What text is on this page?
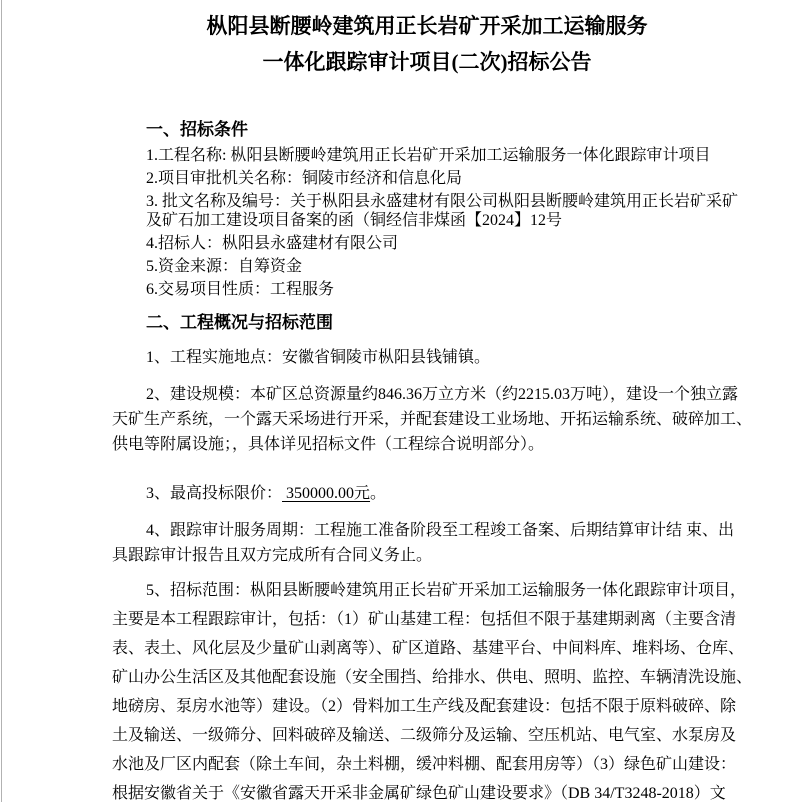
枞阳县断腰岭建筑用正长岩矿开采加工运输服务
一体化跟踪审计项目(二次)招标公告
一、招标条件
1.工程名称: 枞阳县断腰岭建筑用正长岩矿开采加工运输服务一体化跟踪审计项目
2.项目审批机关名称：铜陵市经济和信息化局
3. 批文名称及编号：关于枞阳县永盛建材有限公司枞阳县断腰岭建筑用正长岩矿采矿
及矿石加工建设项目备案的函（铜经信非煤函【2024】12号
4.招标人：枞阳县永盛建材有限公司
5.资金来源：自筹资金
6.交易项目性质：工程服务
二、工程概况与招标范围
1、工程实施地点：安徽省铜陵市枞阳县钱铺镇。
2、建设规模：本矿区总资源量约846.36万立方米（约2215.03万吨），建设一个独立露
天矿生产系统，一个露天采场进行开采，并配套建设工业场地、开拓运输系统、破碎加工、
供电等附属设施；，具体详见招标文件（工程综合说明部分）。
3、最高投标限价： 350000.00元。
4、跟踪审计服务周期：工程施工准备阶段至工程竣工备案、后期结算审计结 束、出
具跟踪审计报告且双方完成所有合同义务止。
5、招标范围：枞阳县断腰岭建筑用正长岩矿开采加工运输服务一体化跟踪审计项目，
主要是本工程跟踪审计，包括：（1）矿山基建工程：包括但不限于基建期剥离（主要含清
表、表土、风化层及少量矿山剥离等）、矿区道路、基建平台、中间料库、堆料场、仓库、
矿山办公生活区及其他配套设施（安全围挡、给排水、供电、照明、监控、车辆清洗设施、
地磅房、泵房水池等）建设。（2）骨料加工生产线及配套建设：包括不限于原料破碎、除
土及输送、一级筛分、回料破碎及输送、二级筛分及运输、空压机站、电气室、水泵房及
水池及厂区内配套（除土车间，杂土料棚，缓冲料棚、配套用房等）（3）绿色矿山建设：
根据安徽省关于《安徽省露天开采非金属矿绿色矿山建设要求》（DB 34/T3248-2018）文
